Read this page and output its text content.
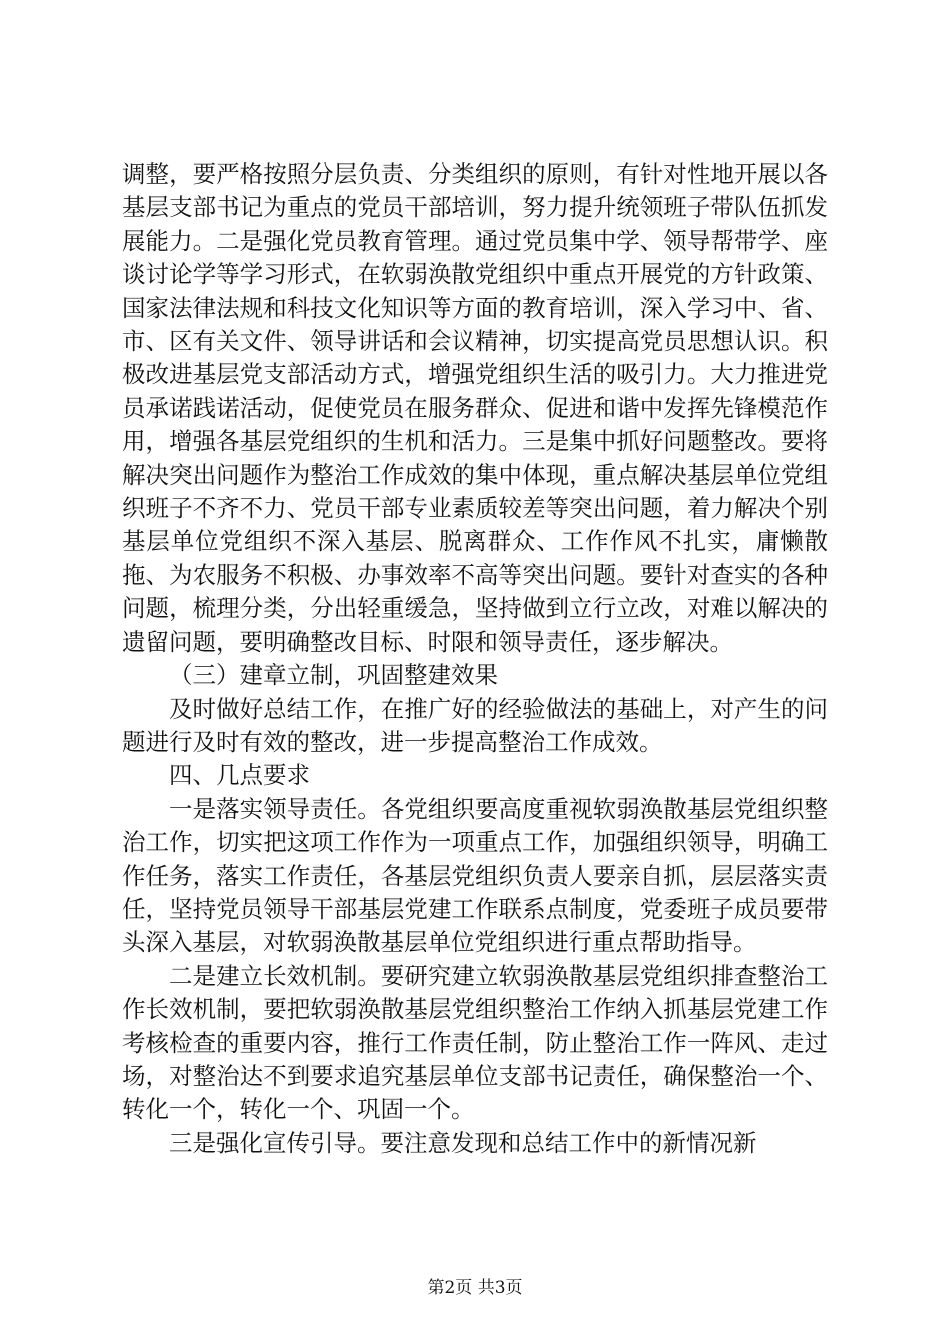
调整，要严格按照分层负责、分类组织的原则，有针对性地开展以各基层支部书记为重点的党员干部培训，努力提升统领班子带队伍抓发展能力。二是强化党员教育管理。通过党员集中学、领导帮带学、座谈讨论学等学习形式，在软弱涣散党组织中重点开展党的方针政策、国家法律法规和科技文化知识等方面的教育培训，深入学习中、省、市、区有关文件、领导讲话和会议精神，切实提高党员思想认识。积极改进基层党支部活动方式，增强党组织生活的吸引力。大力推进党员承诺践诺活动，促使党员在服务群众、促进和谐中发挥先锋模范作用，增强各基层党组织的生机和活力。三是集中抓好问题整改。要将解决突出问题作为整治工作成效的集中体现，重点解决基层单位党组织班子不齐不力、党员干部专业素质较差等突出问题，着力解决个别基层单位党组织不深入基层、脱离群众、工作作风不扎实，庸懒散拖、为农服务不积极、办事效率不高等突出问题。要针对查实的各种问题，梳理分类，分出轻重缓急，坚持做到立行立改，对难以解决的遗留问题，要明确整改目标、时限和领导责任，逐步解决。

（三）建章立制，巩固整建效果

及时做好总结工作，在推广好的经验做法的基础上，对产生的问题进行及时有效的整改，进一步提高整治工作成效。

四、几点要求

一是落实领导责任。各党组织要高度重视软弱涣散基层党组织整治工作，切实把这项工作作为一项重点工作，加强组织领导，明确工作任务，落实工作责任，各基层党组织负责人要亲自抓，层层落实责任，坚持党员领导干部基层党建工作联系点制度，党委班子成员要带头深入基层，对软弱涣散基层单位党组织进行重点帮助指导。

二是建立长效机制。要研究建立软弱涣散基层党组织排查整治工作长效机制，要把软弱涣散基层党组织整治工作纳入抓基层党建工作考核检查的重要内容，推行工作责任制，防止整治工作一阵风、走过场，对整治达不到要求追究基层单位支部书记责任，确保整治一个、转化一个，转化一个、巩固一个。

三是强化宣传引导。要注意发现和总结工作中的新情况新

第2页 共3页
